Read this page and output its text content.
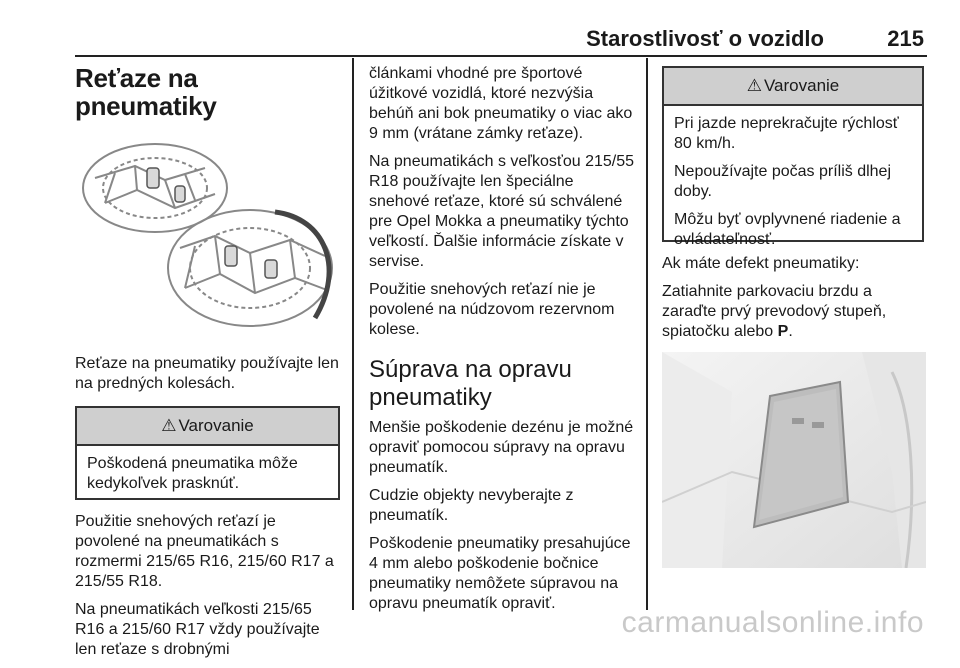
Starostlivosť o vozidlo	215
Reťaze na pneumatiky

Reťaze na pneumatiky používajte len na predných kolesách.

⚠ Varovanie

Poškodená pneumatika môže kedykoľvek prasknúť.

Použitie snehových reťazí je povolené na pneumatikách s rozmermi 215/65 R16, 215/60 R17 a 215/55 R18.

Na pneumatikách veľkosti 215/65 R16 a 215/60 R17 vždy používajte len reťaze s drobnými

článkami vhodné pre športové úžitkové vozidlá, ktoré nezvýšia behúň ani bok pneumatiky o viac ako 9 mm (vrátane zámky reťaze).

Na pneumatikách s veľkosťou 215/55 R18 používajte len špeciálne snehové reťaze, ktoré sú schválené pre Opel Mokka a pneumatiky týchto veľkostí. Ďalšie informácie získate v servise.

Použitie snehových reťazí nie je povolené na núdzovom rezervnom kolese.

Súprava na opravu pneumatiky

Menšie poškodenie dezénu je možné opraviť pomocou súpravy na opravu pneumatík.

Cudzie objekty nevyberajte z pneumatík.

Poškodenie pneumatiky presahujúce 4 mm alebo poškodenie bočnice pneumatiky nemôžete súpravou na opravu pneumatík opraviť.

⚠ Varovanie

Pri jazde neprekračujte rýchlosť 80 km/h.

Nepoužívajte počas príliš dlhej doby.

Môžu byť ovplyvnené riadenie a ovládateľnosť.

Ak máte defekt pneumatiky:

Zatiahnite parkovaciu brzdu a zaraďte prvý prevodový stupeň, spiatočku alebo P.

carmanualsonline.info
